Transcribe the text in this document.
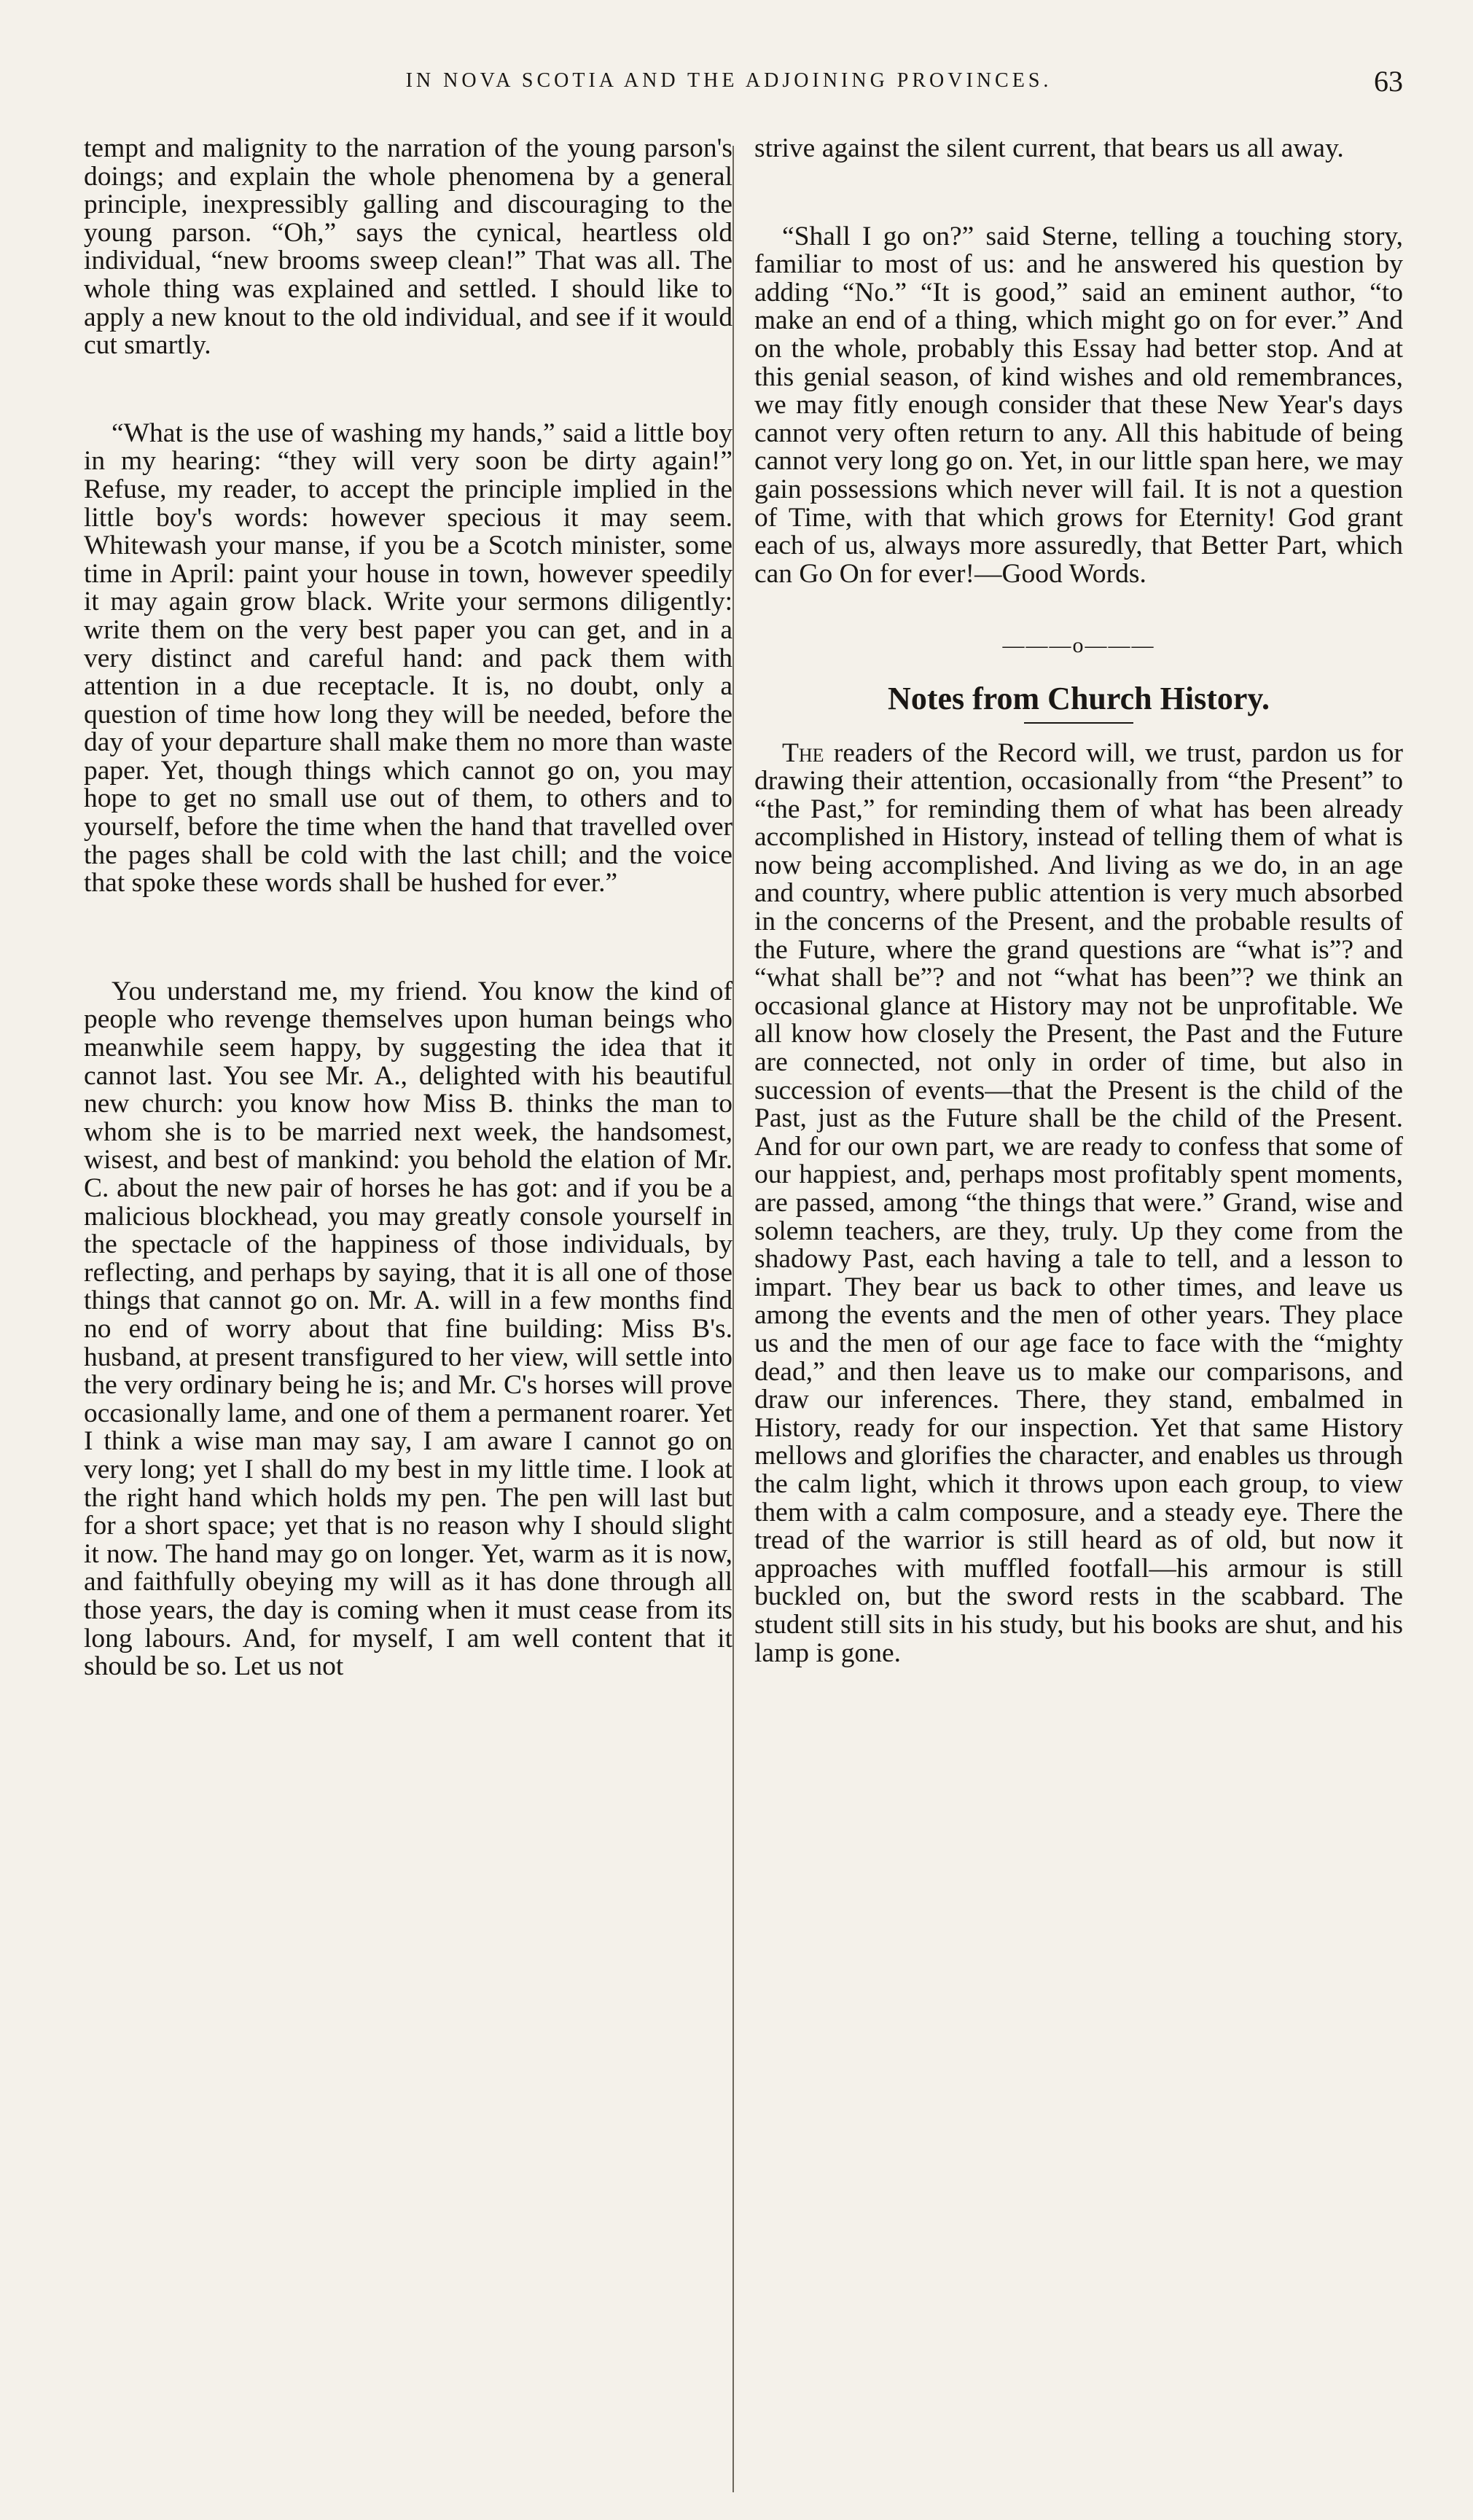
IN NOVA SCOTIA AND THE ADJOINING PROVINCES.	63

tempt and malignity to the narration of the young parson's doings; and explain the whole phenomena by a general principle, inexpressibly galling and discouraging to the young parson. “Oh,” says the cynical, heartless old individual, “new brooms sweep clean!” That was all. The whole thing was explained and settled. I should like to apply a new knout to the old individual, and see if it would cut smartly.

“What is the use of washing my hands,” said a little boy in my hearing: “they will very soon be dirty again!” Refuse, my reader, to accept the principle implied in the little boy's words: however specious it may seem. Whitewash your manse, if you be a Scotch minister, some time in April: paint your house in town, however speedily it may again grow black. Write your sermons diligently: write them on the very best paper you can get, and in a very distinct and careful hand: and pack them with attention in a due receptacle. It is, no doubt, only a question of time how long they will be needed, before the day of your departure shall make them no more than waste paper. Yet, though things which cannot go on, you may hope to get no small use out of them, to others and to yourself, before the time when the hand that travelled over the pages shall be cold with the last chill; and the voice that spoke these words shall be hushed for ever.”

You understand me, my friend. You know the kind of people who revenge themselves upon human beings who meanwhile seem happy, by suggesting the idea that it cannot last. You see Mr. A., delighted with his beautiful new church: you know how Miss B. thinks the man to whom she is to be married next week, the handsomest, wisest, and best of mankind: you behold the elation of Mr. C. about the new pair of horses he has got: and if you be a malicious blockhead, you may greatly console yourself in the spectacle of the happiness of those individuals, by reflecting, and perhaps by saying, that it is all one of those things that cannot go on. Mr. A. will in a few months find no end of worry about that fine building: Miss B's. husband, at present transfigured to her view, will settle into the very ordinary being he is; and Mr. C's horses will prove occasionally lame, and one of them a permanent roarer. Yet I think a wise man may say, I am aware I cannot go on very long; yet I shall do my best in my little time. I look at the right hand which holds my pen. The pen will last but for a short space; yet that is no reason why I should slight it now. The hand may go on longer. Yet, warm as it is now, and faithfully obeying my will as it has done through all those years, the day is coming when it must cease from its long labours. And, for myself, I am well content that it should be so. Let us not

strive against the silent current, that bears us all away.

“Shall I go on?” said Sterne, telling a touching story, familiar to most of us: and he answered his question by adding “No.” “It is good,” said an eminent author, “to make an end of a thing, which might go on for ever.” And on the whole, probably this Essay had better stop. And at this genial season, of kind wishes and old remembrances, we may fitly enough consider that these New Year's days cannot very often return to any. All this habitude of being cannot very long go on. Yet, in our little span here, we may gain possessions which never will fail. It is not a question of Time, with that which grows for Eternity! God grant each of us, always more assuredly, that Better Part, which can Go On for ever!—Good Words.

———o———
Notes from Church History.

The readers of the Record will, we trust, pardon us for drawing their attention, occasionally from “the Present” to “the Past,” for reminding them of what has been already accomplished in History, instead of telling them of what is now being accomplished. And living as we do, in an age and country, where public attention is very much absorbed in the concerns of the Present, and the probable results of the Future, where the grand questions are “what is”? and “what shall be”? and not “what has been”? we think an occasional glance at History may not be unprofitable. We all know how closely the Present, the Past and the Future are connected, not only in order of time, but also in succession of events—that the Present is the child of the Past, just as the Future shall be the child of the Present. And for our own part, we are ready to confess that some of our happiest, and, perhaps most profitably spent moments, are passed, among “the things that were.” Grand, wise and solemn teachers, are they, truly. Up they come from the shadowy Past, each having a tale to tell, and a lesson to impart. They bear us back to other times, and leave us among the events and the men of other years. They place us and the men of our age face to face with the “mighty dead,” and then leave us to make our comparisons, and draw our inferences. There, they stand, embalmed in History, ready for our inspection. Yet that same History mellows and glorifies the character, and enables us through the calm light, which it throws upon each group, to view them with a calm composure, and a steady eye. There the tread of the warrior is still heard as of old, but now it approaches with muffled footfall—his armour is still buckled on, but the sword rests in the scabbard. The student still sits in his study, but his books are shut, and his lamp is gone.
